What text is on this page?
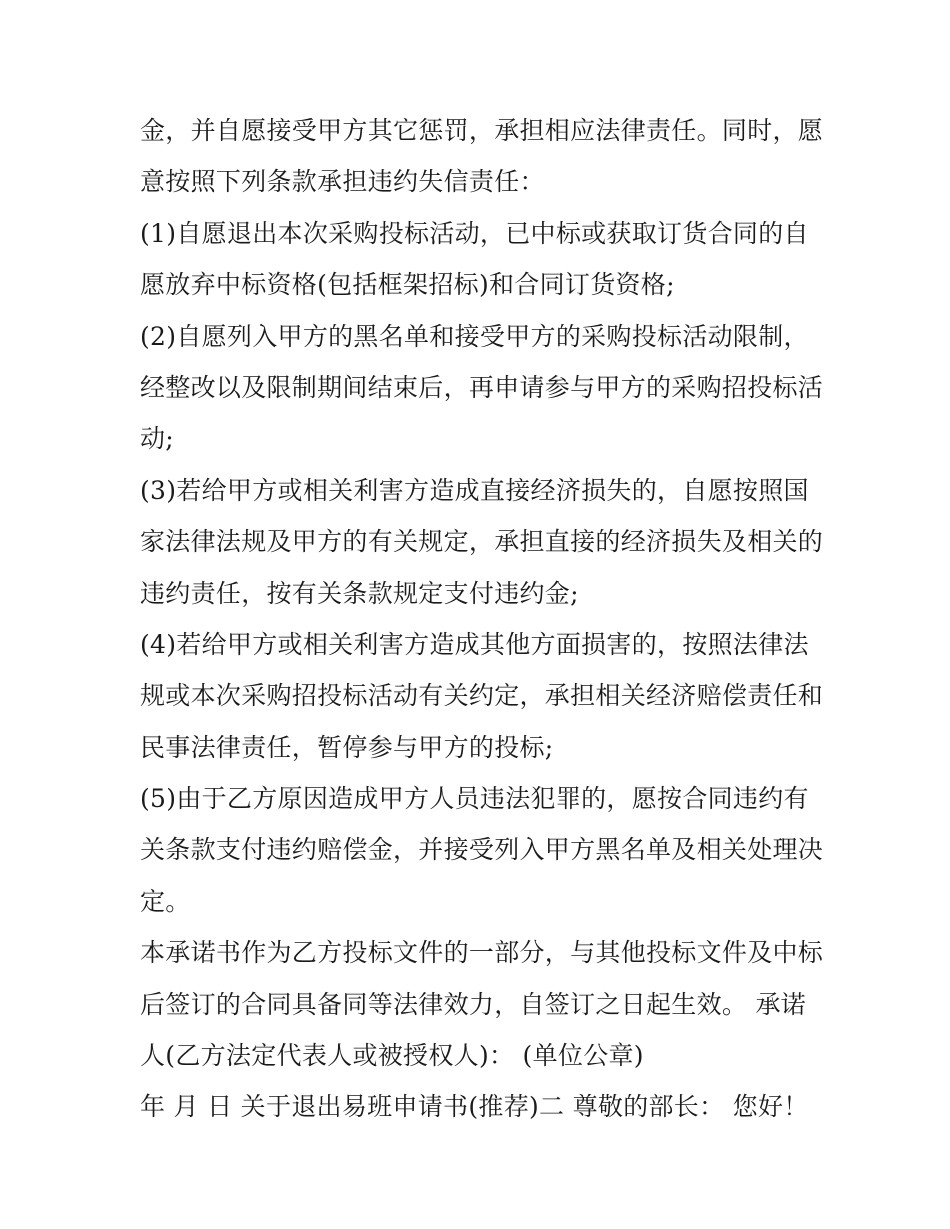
金，并自愿接受甲方其它惩罚，承担相应法律责任。同时，愿
意按照下列条款承担违约失信责任：
(1)自愿退出本次采购投标活动，已中标或获取订货合同的自
愿放弃中标资格(包括框架招标)和合同订货资格;
(2)自愿列入甲方的黑名单和接受甲方的采购投标活动限制，
经整改以及限制期间结束后，再申请参与甲方的采购招投标活
动;
(3)若给甲方或相关利害方造成直接经济损失的，自愿按照国
家法律法规及甲方的有关规定，承担直接的经济损失及相关的
违约责任，按有关条款规定支付违约金;
(4)若给甲方或相关利害方造成其他方面损害的，按照法律法
规或本次采购招投标活动有关约定，承担相关经济赔偿责任和
民事法律责任，暂停参与甲方的投标;
(5)由于乙方原因造成甲方人员违法犯罪的，愿按合同违约有
关条款支付违约赔偿金，并接受列入甲方黑名单及相关处理决
定。
本承诺书作为乙方投标文件的一部分，与其他投标文件及中标
后签订的合同具备同等法律效力，自签订之日起生效。 承诺
人(乙方法定代表人或被授权人)： (单位公章)
年 月 日 关于退出易班申请书(推荐)二 尊敬的部长： 您好！
